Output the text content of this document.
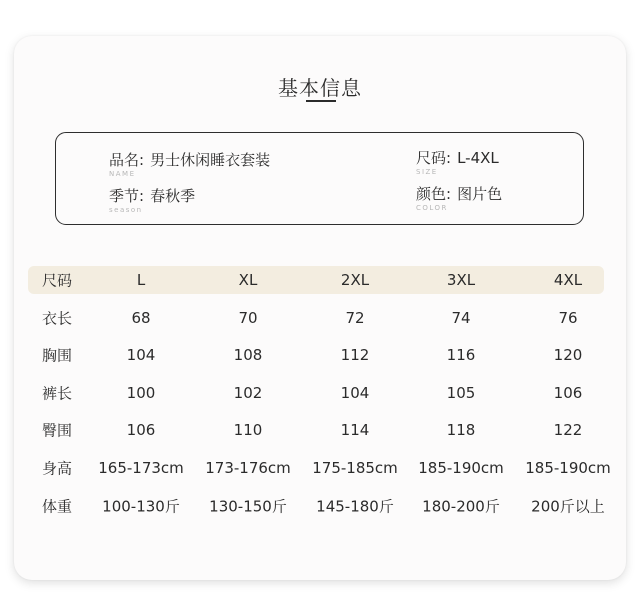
基本信息
品名: 男士休闲睡衣套装
NAME
尺码: L-4XL
SIZE
季节: 春秋季
season
颜色: 图片色
COLOR
尺码	L	XL	2XL	3XL	4XL
衣长	68	70	72	74	76
胸围	104	108	112	116	120
裤长	100	102	104	105	106
臀围	106	110	114	118	122
身高 165-173cm 173-176cm 175-185cm 185-190cm 185-190cm
体重 100-130斤 130-150斤 145-180斤 180-200斤 200斤以上
